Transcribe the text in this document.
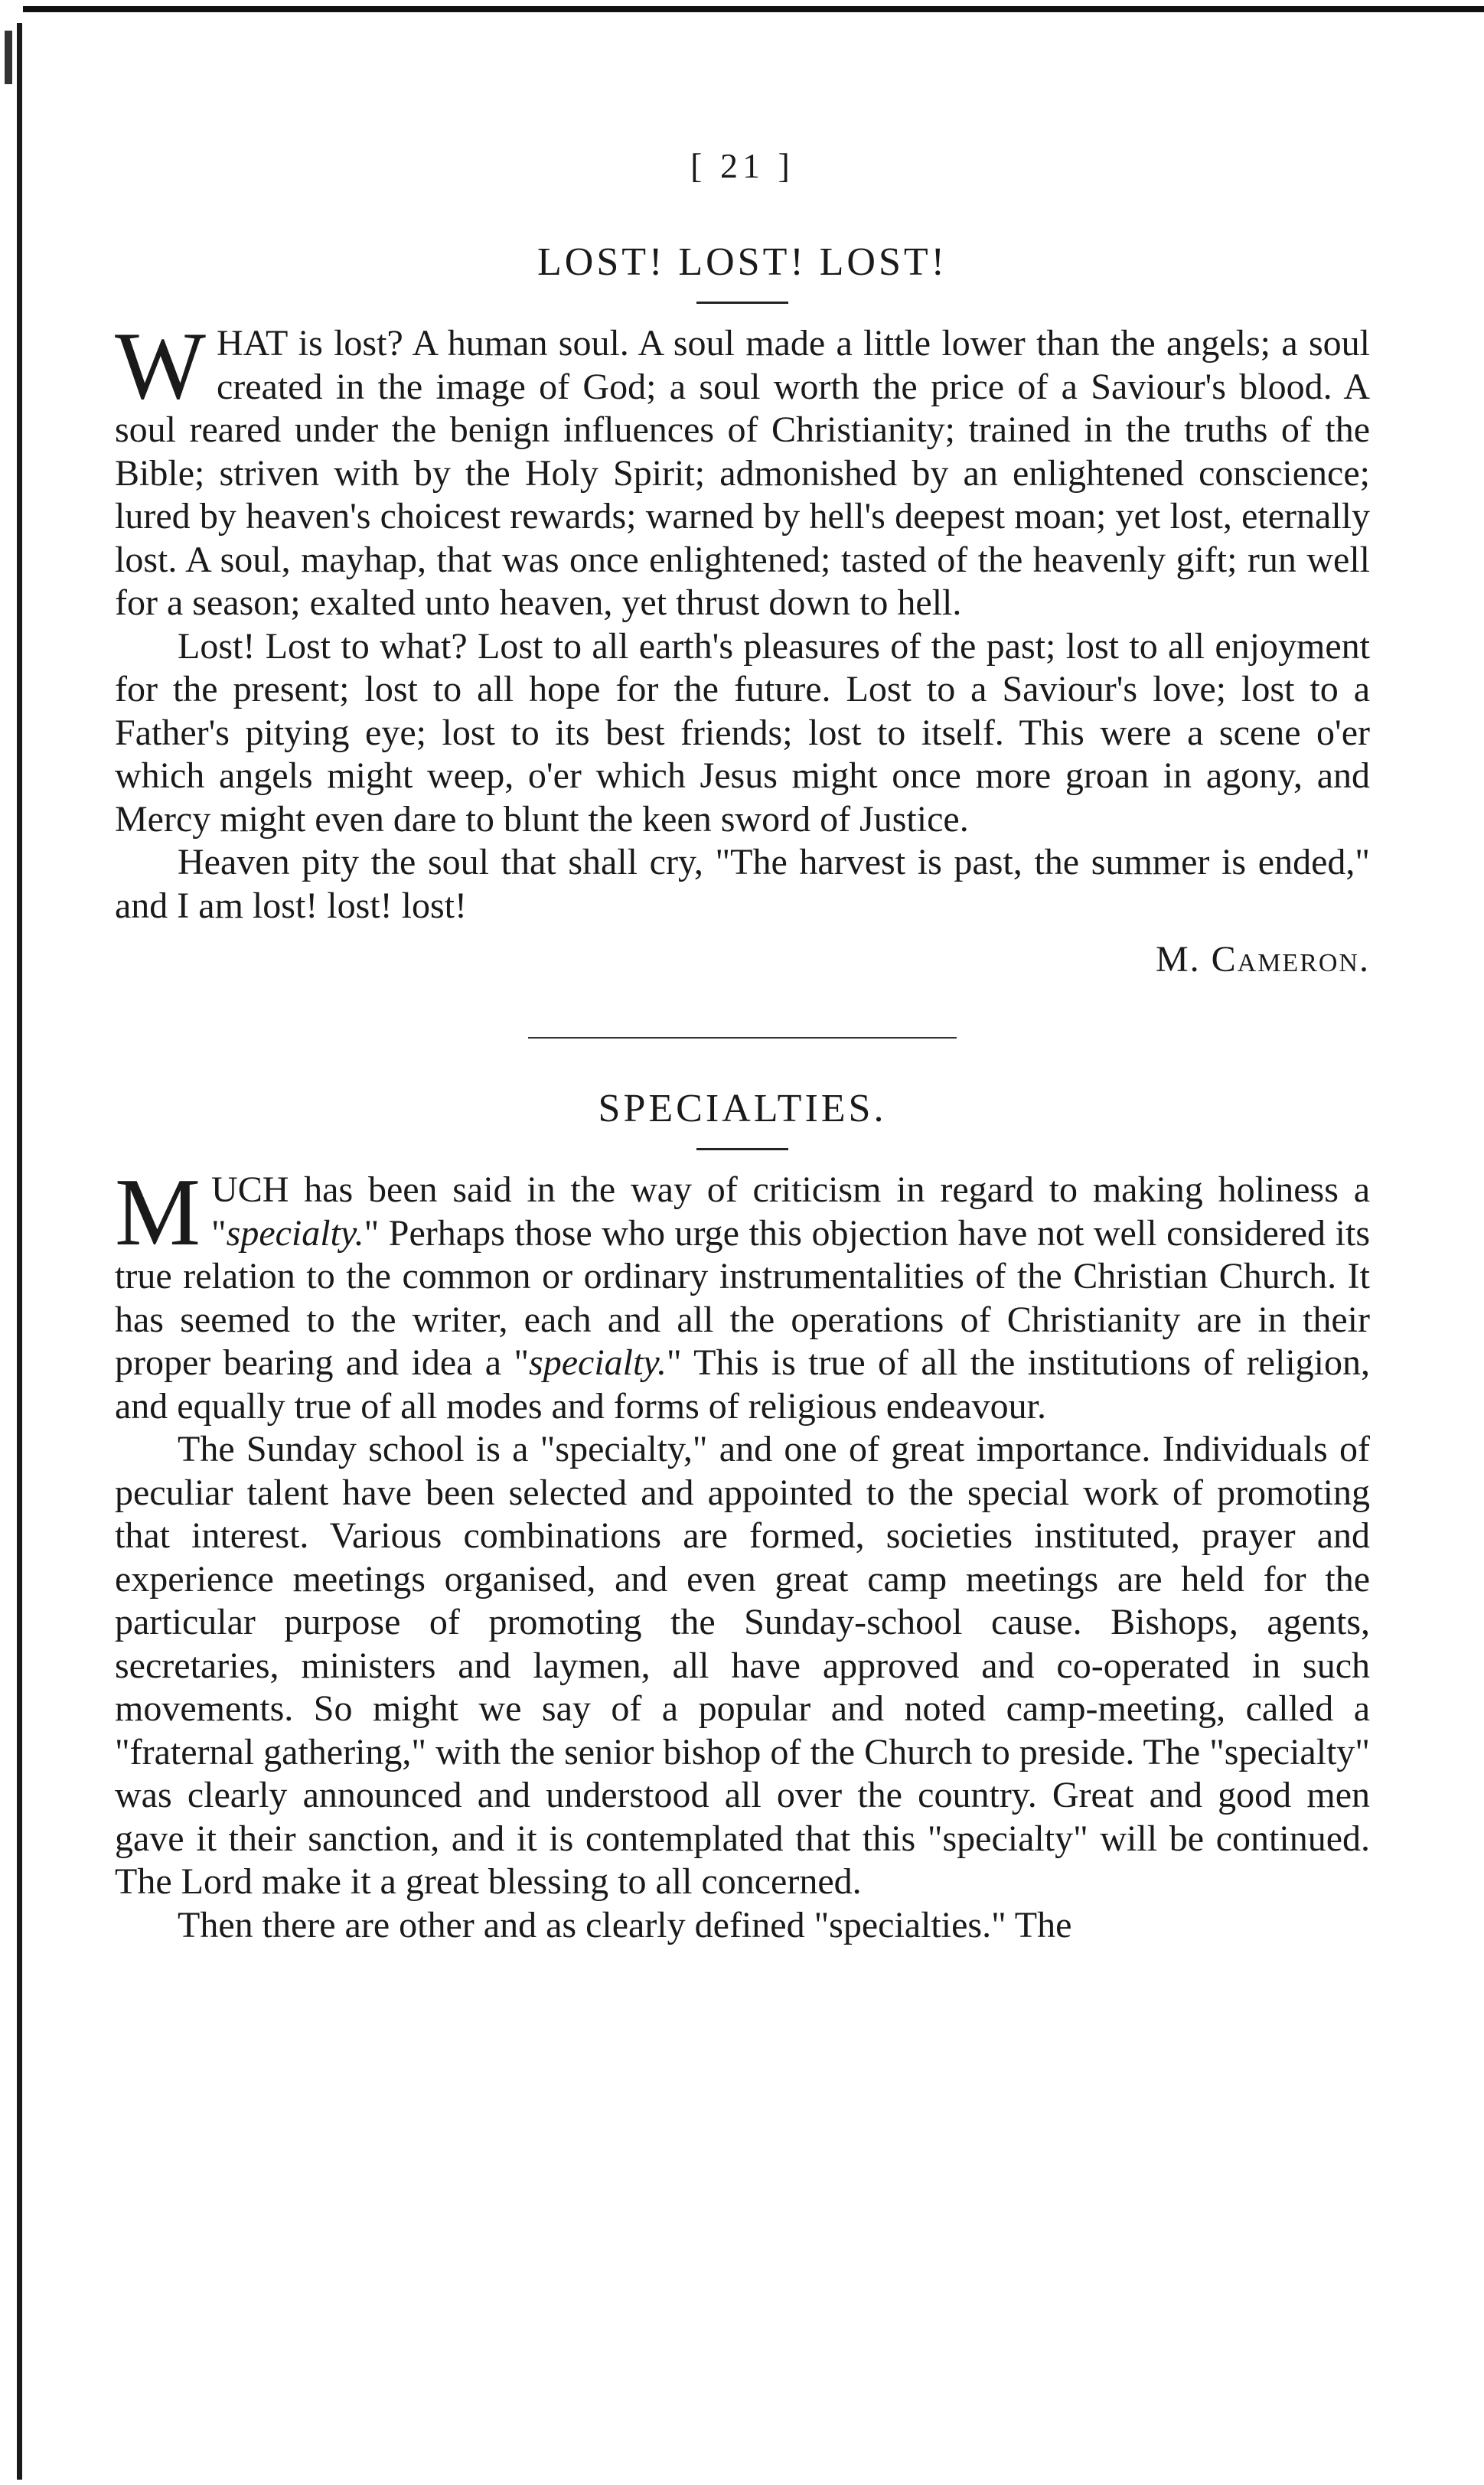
[ 21 ]
LOST! LOST! LOST!

WHAT is lost? A human soul. A soul made a little lower than the angels; a soul created in the image of God; a soul worth the price of a Saviour's blood. A soul reared under the benign influences of Christianity; trained in the truths of the Bible; striven with by the Holy Spirit; admonished by an enlightened conscience; lured by heaven's choicest rewards; warned by hell's deepest moan; yet lost, eternally lost. A soul, mayhap, that was once enlightened; tasted of the heavenly gift; run well for a season; exalted unto heaven, yet thrust down to hell.

Lost! Lost to what? Lost to all earth's pleasures of the past; lost to all enjoyment for the present; lost to all hope for the future. Lost to a Saviour's love; lost to a Father's pitying eye; lost to its best friends; lost to itself. This were a scene o'er which angels might weep, o'er which Jesus might once more groan in agony, and Mercy might even dare to blunt the keen sword of Justice.

Heaven pity the soul that shall cry, "The harvest is past, the summer is ended," and I am lost! lost! lost!

M. Cameron.

SPECIALTIES.

MUCH has been said in the way of criticism in regard to making holiness a "specialty." Perhaps those who urge this objection have not well considered its true relation to the common or ordinary instrumentalities of the Christian Church. It has seemed to the writer, each and all the operations of Christianity are in their proper bearing and idea a "specialty." This is true of all the institutions of religion, and equally true of all modes and forms of religious endeavour.

The Sunday school is a "specialty," and one of great importance. Individuals of peculiar talent have been selected and appointed to the special work of promoting that interest. Various combinations are formed, societies instituted, prayer and experience meetings organised, and even great camp meetings are held for the particular purpose of promoting the Sunday-school cause. Bishops, agents, secretaries, ministers and laymen, all have approved and co-operated in such movements. So might we say of a popular and noted camp-meeting, called a "fraternal gathering," with the senior bishop of the Church to preside. The "specialty" was clearly announced and understood all over the country. Great and good men gave it their sanction, and it is contemplated that this "specialty" will be continued. The Lord make it a great blessing to all concerned.

Then there are other and as clearly defined "specialties." The
